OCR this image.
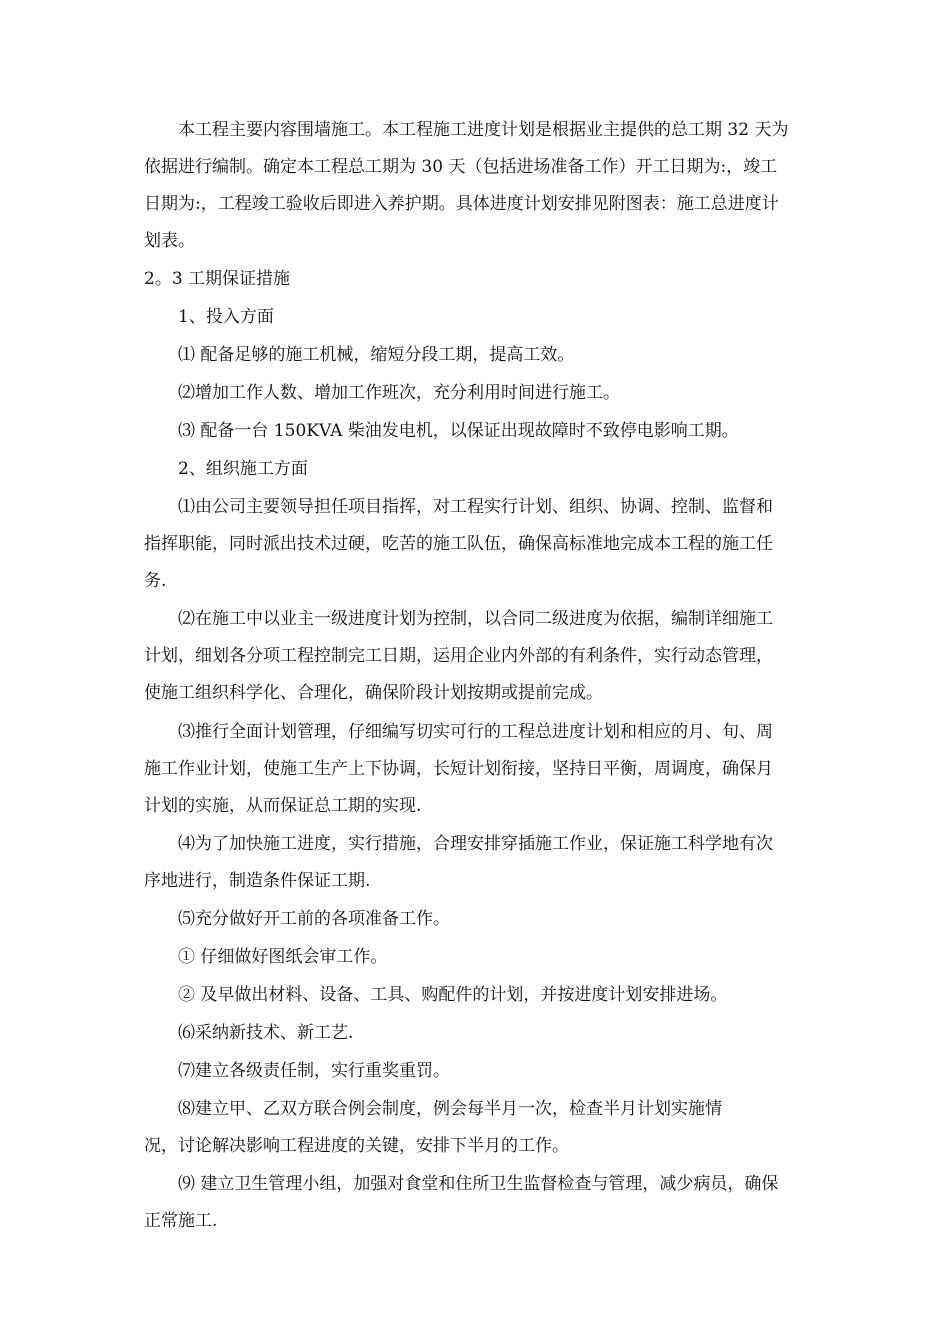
本工程主要内容围墙施工。本工程施工进度计划是根据业主提供的总工期 32 天为
依据进行编制。确定本工程总工期为 30 天（包括进场准备工作）开工日期为:，竣工
日期为:，工程竣工验收后即进入养护期。具体进度计划安排见附图表：施工总进度计
划表。
2。3 工期保证措施
1、投入方面
⑴ 配备足够的施工机械，缩短分段工期，提高工效。
⑵增加工作人数、增加工作班次，充分利用时间进行施工。
⑶ 配备一台 150KVA 柴油发电机，以保证出现故障时不致停电影响工期。
2、组织施工方面
⑴由公司主要领导担任项目指挥，对工程实行计划、组织、协调、控制、监督和
指挥职能，同时派出技术过硬，吃苦的施工队伍，确保高标准地完成本工程的施工任
务.
⑵在施工中以业主一级进度计划为控制，以合同二级进度为依据，编制详细施工
计划，细划各分项工程控制完工日期，运用企业内外部的有利条件，实行动态管理，
使施工组织科学化、合理化，确保阶段计划按期或提前完成。
⑶推行全面计划管理，仔细编写切实可行的工程总进度计划和相应的月、旬、周
施工作业计划，使施工生产上下协调，长短计划衔接，坚持日平衡，周调度，确保月
计划的实施，从而保证总工期的实现.
⑷为了加快施工进度，实行措施，合理安排穿插施工作业，保证施工科学地有次
序地进行，制造条件保证工期.
⑸充分做好开工前的各项准备工作。
① 仔细做好图纸会审工作。
② 及早做出材料、设备、工具、购配件的计划，并按进度计划安排进场。
⑹采纳新技术、新工艺.
⑺建立各级责任制，实行重奖重罚。
⑻建立甲、乙双方联合例会制度，例会每半月一次，检查半月计划实施情
况，讨论解决影响工程进度的关键，安排下半月的工作。
⑼ 建立卫生管理小组，加强对食堂和住所卫生监督检查与管理，减少病员，确保
正常施工.
